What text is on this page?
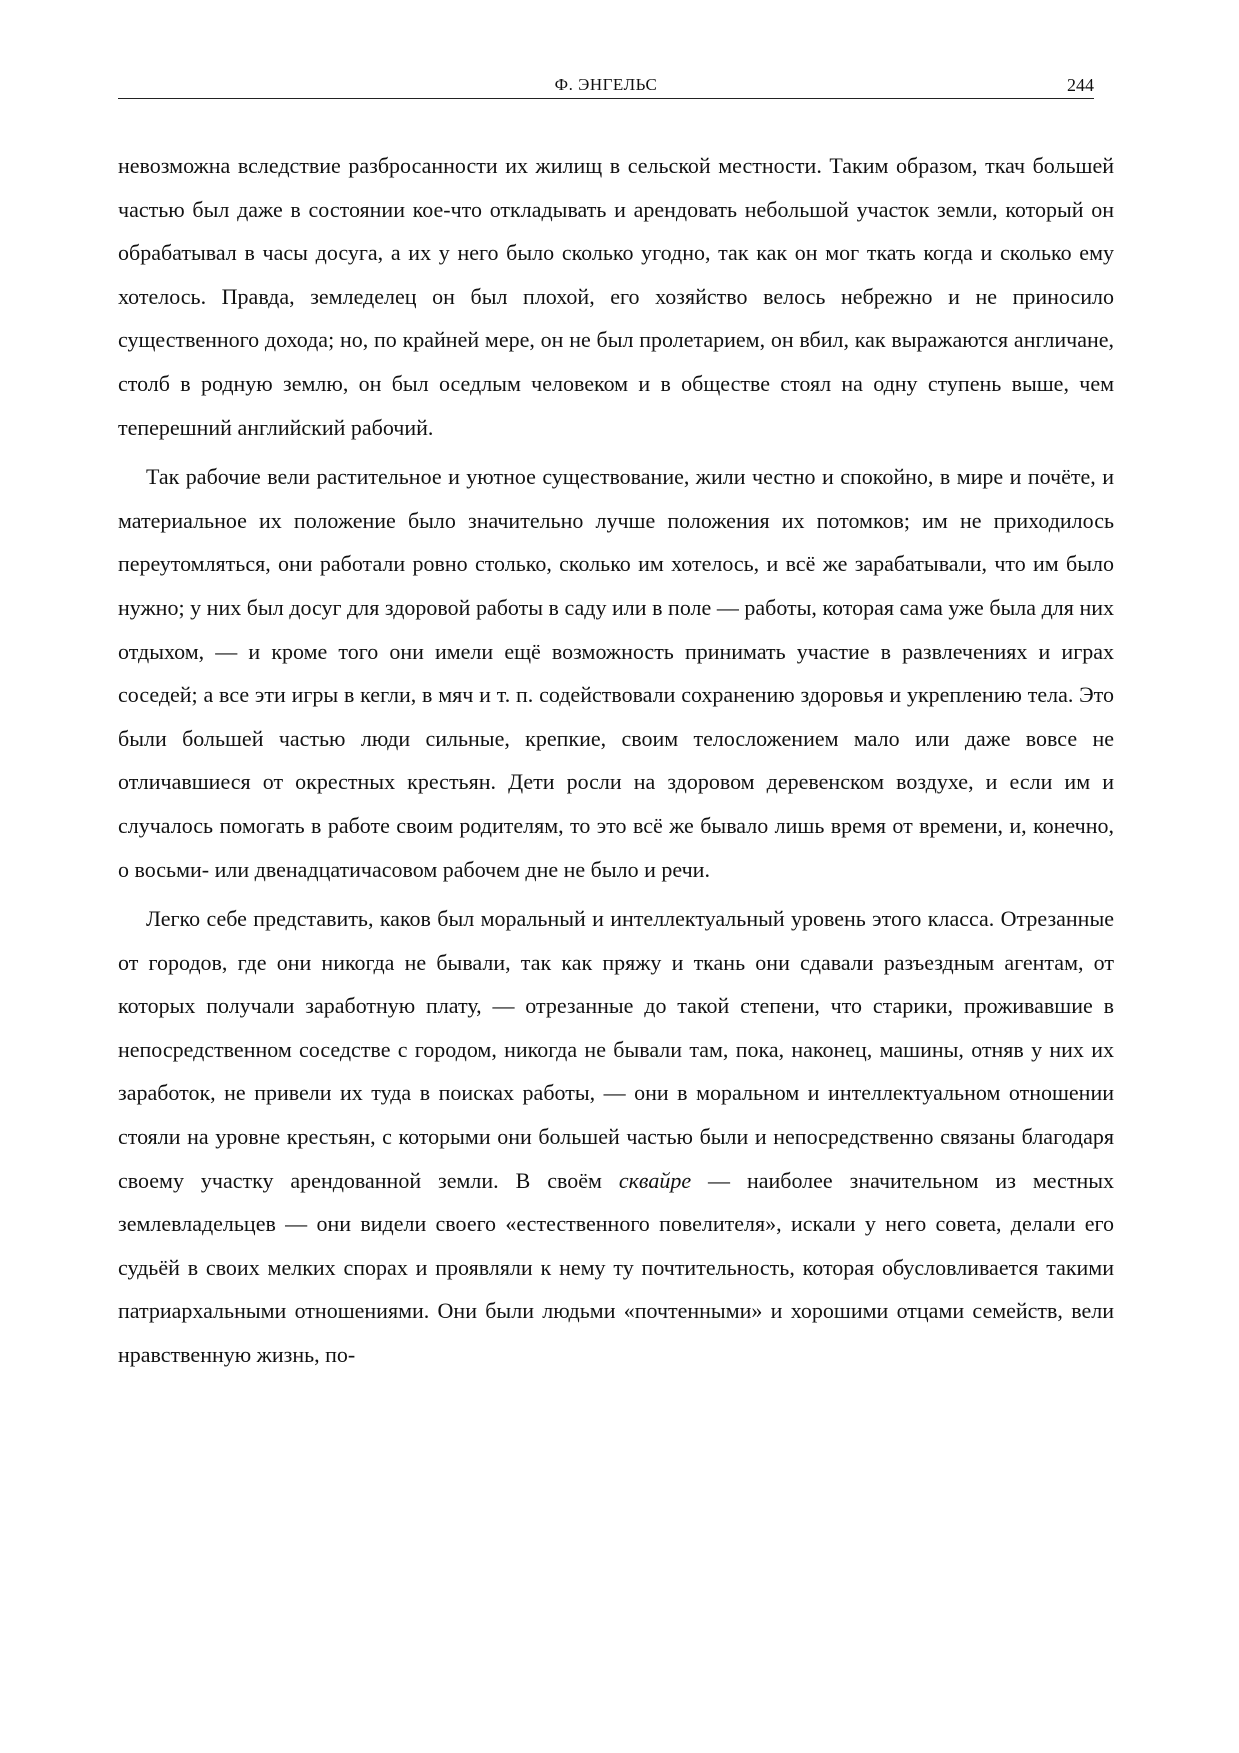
Ф. ЭНГЕЛЬС	244

невозможна вследствие разбросанности их жилищ в сельской местности. Таким образом, ткач большей частью был даже в состоянии кое-что откладывать и арендовать небольшой участок земли, который он обрабатывал в часы досуга, а их у него было сколько угодно, так как он мог ткать когда и сколько ему хотелось. Правда, земледелец он был плохой, его хозяйство велось небрежно и не приносило существенного дохода; но, по крайней мере, он не был пролетарием, он вбил, как выражаются англичане, столб в родную землю, он был оседлым человеком и в обществе стоял на одну ступень выше, чем теперешний английский рабочий.

Так рабочие вели растительное и уютное существование, жили честно и спокойно, в мире и почёте, и материальное их положение было значительно лучше положения их потомков; им не приходилось переутомляться, они работали ровно столько, сколько им хотелось, и всё же зарабатывали, что им было нужно; у них был досуг для здоровой работы в саду или в поле — работы, которая сама уже была для них отдыхом, — и кроме того они имели ещё возможность принимать участие в развлечениях и играх соседей; а все эти игры в кегли, в мяч и т. п. содействовали сохранению здоровья и укреплению тела. Это были большей частью люди сильные, крепкие, своим телосложением мало или даже вовсе не отличавшиеся от окрестных крестьян. Дети росли на здоровом деревенском воздухе, и если им и случалось помогать в работе своим родителям, то это всё же бывало лишь время от времени, и, конечно, о восьми- или двенадцатичасовом рабочем дне не было и речи.

Легко себе представить, каков был моральный и интеллектуальный уровень этого класса. Отрезанные от городов, где они никогда не бывали, так как пряжу и ткань они сдавали разъездным агентам, от которых получали заработную плату, — отрезанные до такой степени, что старики, проживавшие в непосредственном соседстве с городом, никогда не бывали там, пока, наконец, машины, отняв у них их заработок, не привели их туда в поисках работы, — они в моральном и интеллектуальном отношении стояли на уровне крестьян, с которыми они большей частью были и непосредственно связаны благодаря своему участку арендованной земли. В своём сквайре — наиболее значительном из местных землевладельцев — они видели своего «естественного повелителя», искали у него совета, делали его судьёй в своих мелких спорах и проявляли к нему ту почтительность, которая обусловливается такими патриархальными отношениями. Они были людьми «почтенными» и хорошими отцами семейств, вели нравственную жизнь, по-
